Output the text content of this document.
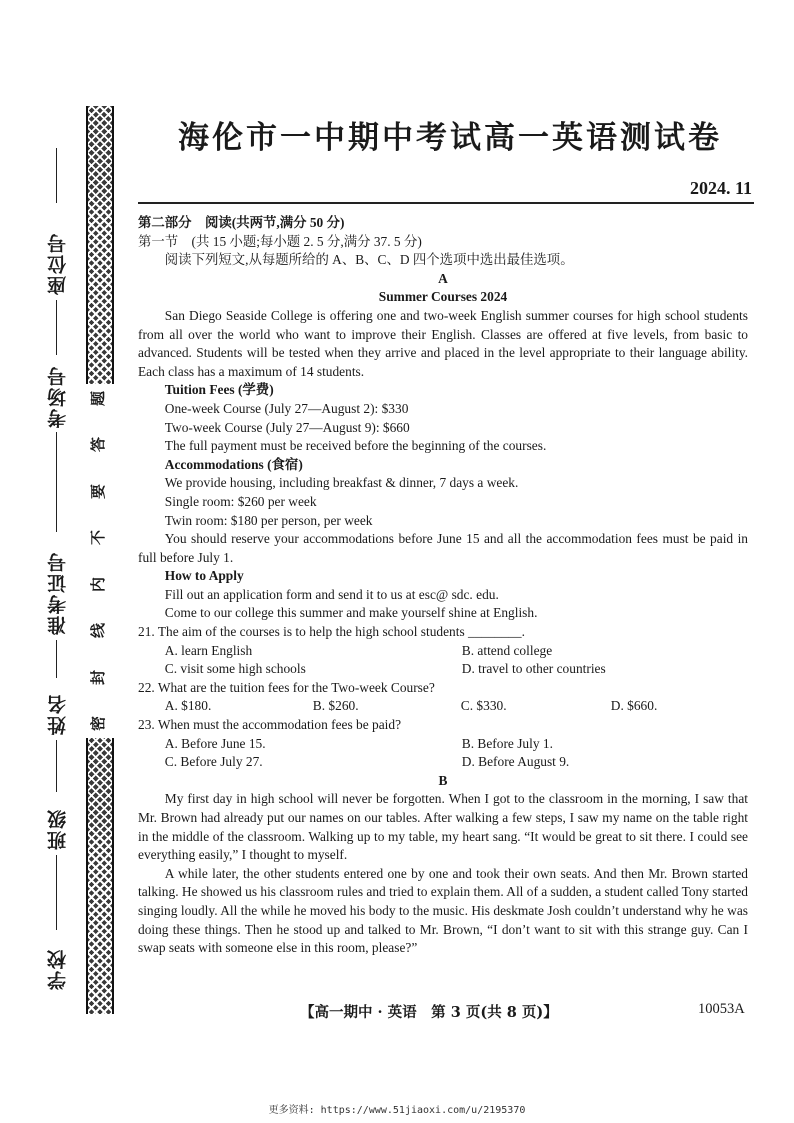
座位号
考场号
准考证号
姓名
班级
学校
题
答
要
不
内
线
封
密
海伦市一中期中考试高一英语测试卷
2024. 11

第二部分　阅读(共两节,满分 50 分)

第一节　(共 15 小题;每小题 2. 5 分,满分 37. 5 分)

阅读下列短文,从每题所给的 A、B、C、D 四个选项中选出最佳选项。

A

Summer Courses 2024

San Diego Seaside College is offering one and two-week English summer courses for high school students from all over the world who want to improve their English. Classes are offered at five levels, from basic to advanced. Students will be tested when they arrive and placed in the level appropriate to their language ability. Each class has a maximum of 14 students.

Tuition Fees (学费)

One-week Course (July 27—August 2): $330

Two-week Course (July 27—August 9): $660

The full payment must be received before the beginning of the courses.

Accommodations (食宿)

We provide housing, including breakfast & dinner, 7 days a week.

Single room: $260 per week

Twin room: $180 per person, per week

You should reserve your accommodations before June 15 and all the accommodation fees must be paid in full before July 1.

How to Apply

Fill out an application form and send it to us at esc@ sdc. edu.

Come to our college this summer and make yourself shine at English.

21. The aim of the courses is to help the high school students ________.

A. learn English	B. attend college
C. visit some high schools	D. travel to other countries

22. What are the tuition fees for the Two-week Course?

A. $180.	B. $260.	C. $330.	D. $660.

23. When must the accommodation fees be paid?

A. Before June 15.	B. Before July 1.
C. Before July 27.	D. Before August 9.

B

My first day in high school will never be forgotten. When I got to the classroom in the morning, I saw that Mr. Brown had already put our names on our tables. After walking a few steps, I saw my name on the table right in the middle of the classroom. Walking up to my table, my heart sang. “It would be great to sit there. I could see everything easily,” I thought to myself.

A while later, the other students entered one by one and took their own seats. And then Mr. Brown started talking. He showed us his classroom rules and tried to explain them. All of a sudden, a student called Tony started singing loudly. All the while he moved his body to the music. His deskmate Josh couldn’t understand why he was doing these things. Then he stood up and talked to Mr. Brown, “I don’t want to sit with this strange guy. Can I swap seats with someone else in this room, please?”

【高一期中 · 英语　第 3 页(共 8 页)】	10053A
更多资料: https://www.51jiaoxi.com/u/2195370
